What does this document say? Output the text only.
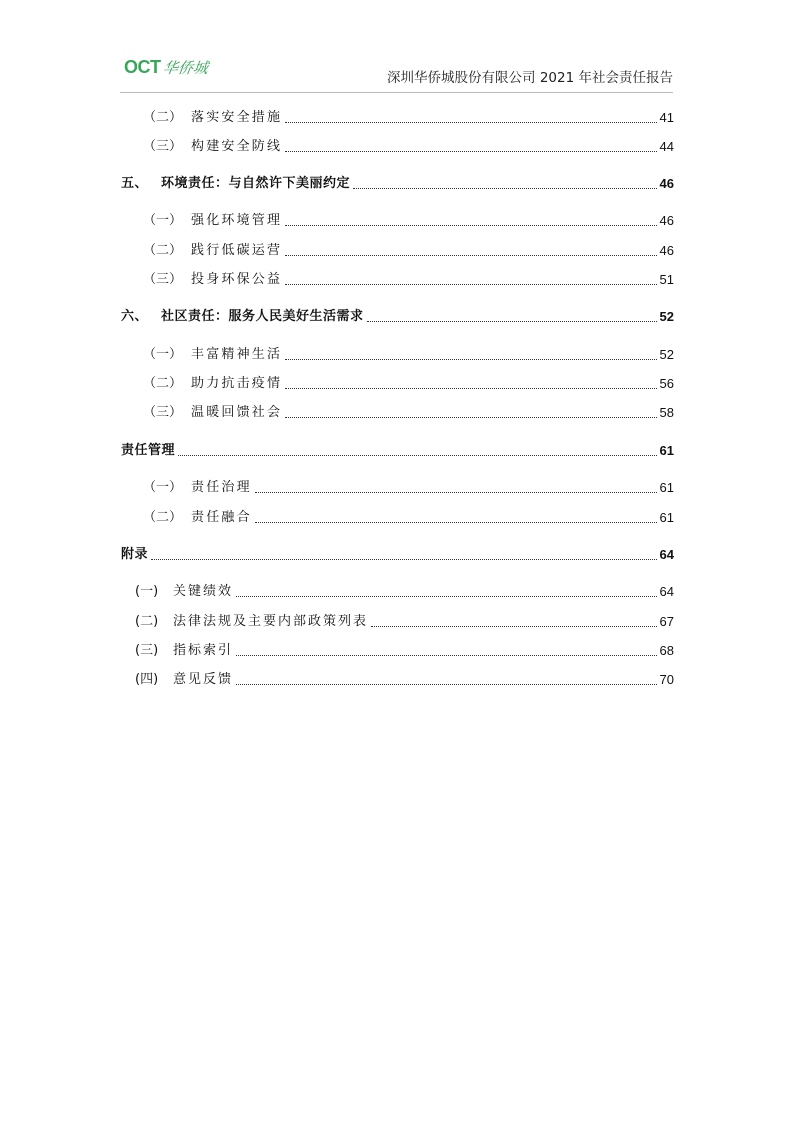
OCT 华侨城
深圳华侨城股份有限公司 2021 年社会责任报告
（二） 落实安全措施	41
（三） 构建安全防线	44
五、 环境责任：与自然许下美丽约定	46
（一） 强化环境管理	46
（二） 践行低碳运营	46
（三） 投身环保公益	51
六、 社区责任：服务人民美好生活需求	52
（一） 丰富精神生活	52
（二） 助力抗击疫情	56
（三） 温暖回馈社会	58
责任管理	61
（一） 责任治理	61
（二） 责任融合	61
附录	64
(一) 关键绩效	64
(二) 法律法规及主要内部政策列表	67
(三) 指标索引	68
(四) 意见反馈	70
